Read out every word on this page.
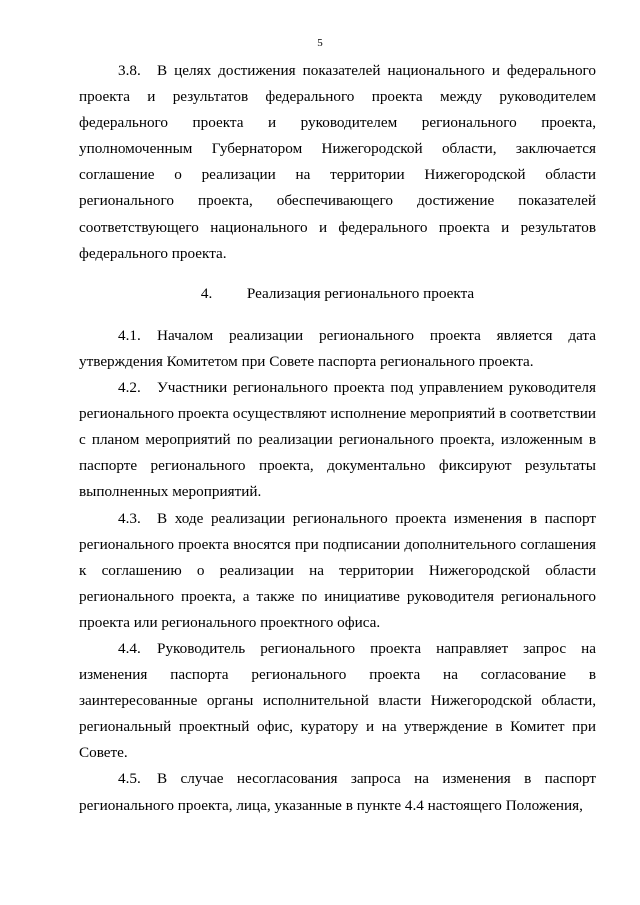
5

3.8. В целях достижения показателей национального и федерального проекта и результатов федерального проекта между руководителем федерального проекта и руководителем регионального проекта, уполномоченным Губернатором Нижегородской области, заключается соглашение о реализации на территории Нижегородской области регионального проекта, обеспечивающего достижение показателей соответствующего национального и федерального проекта и результатов федерального проекта.

4. Реализация регионального проекта

4.1. Началом реализации регионального проекта является дата утверждения Комитетом при Совете паспорта регионального проекта.

4.2. Участники регионального проекта под управлением руководителя регионального проекта осуществляют исполнение мероприятий в соответствии с планом мероприятий по реализации регионального проекта, изложенным в паспорте регионального проекта, документально фиксируют результаты выполненных мероприятий.

4.3. В ходе реализации регионального проекта изменения в паспорт регионального проекта вносятся при подписании дополнительного соглашения к соглашению о реализации на территории Нижегородской области регионального проекта, а также по инициативе руководителя регионального проекта или регионального проектного офиса.

4.4. Руководитель регионального проекта направляет запрос на изменения паспорта регионального проекта на согласование в заинтересованные органы исполнительной власти Нижегородской области, региональный проектный офис, куратору и на утверждение в Комитет при Совете.

4.5. В случае несогласования запроса на изменения в паспорт регионального проекта, лица, указанные в пункте 4.4 настоящего Положения,
